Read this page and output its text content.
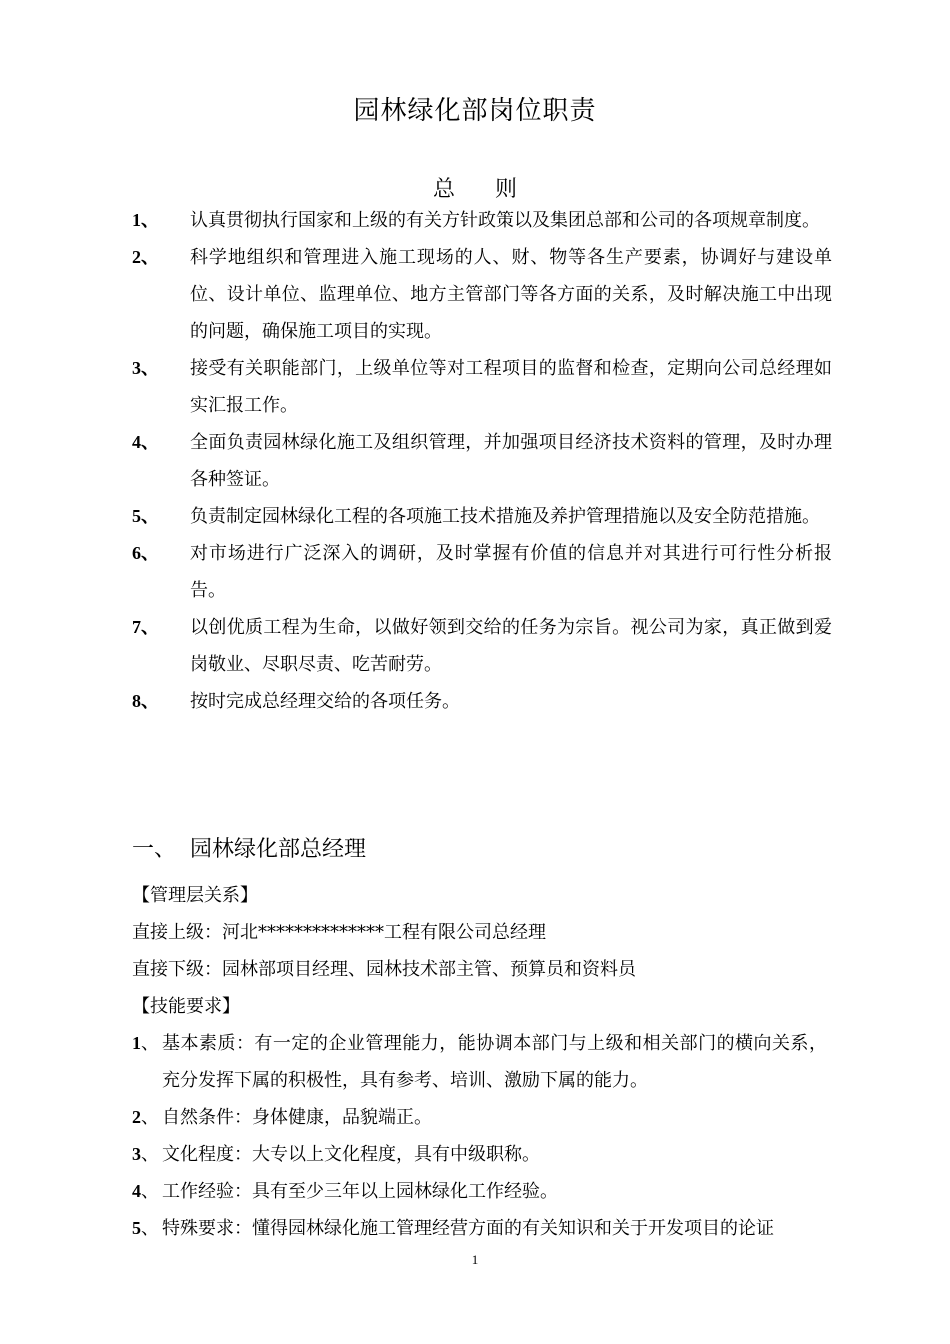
园林绿化部岗位职责
总 则
1、 认真贯彻执行国家和上级的有关方针政策以及集团总部和公司的各项规章制度。
2、 科学地组织和管理进入施工现场的人、财、物等各生产要素，协调好与建设单位、设计单位、监理单位、地方主管部门等各方面的关系，及时解决施工中出现的问题，确保施工项目的实现。
3、 接受有关职能部门，上级单位等对工程项目的监督和检查，定期向公司总经理如实汇报工作。
4、 全面负责园林绿化施工及组织管理，并加强项目经济技术资料的管理，及时办理各种签证。
5、 负责制定园林绿化工程的各项施工技术措施及养护管理措施以及安全防范措施。
6、 对市场进行广泛深入的调研，及时掌握有价值的信息并对其进行可行性分析报告。
7、 以创优质工程为生命，以做好领到交给的任务为宗旨。视公司为家，真正做到爱岗敬业、尽职尽责、吃苦耐劳。
8、 按时完成总经理交给的各项任务。
一、 园林绿化部总经理

【管理层关系】

直接上级：河北**************工程有限公司总经理

直接下级：园林部项目经理、园林技术部主管、预算员和资料员

【技能要求】

1、 基本素质：有一定的企业管理能力，能协调本部门与上级和相关部门的横向关系，充分发挥下属的积极性，具有参考、培训、激励下属的能力。
2、 自然条件：身体健康，品貌端正。
3、 文化程度：大专以上文化程度，具有中级职称。
4、 工作经验：具有至少三年以上园林绿化工作经验。
5、 特殊要求：懂得园林绿化施工管理经营方面的有关知识和关于开发项目的论证
1
